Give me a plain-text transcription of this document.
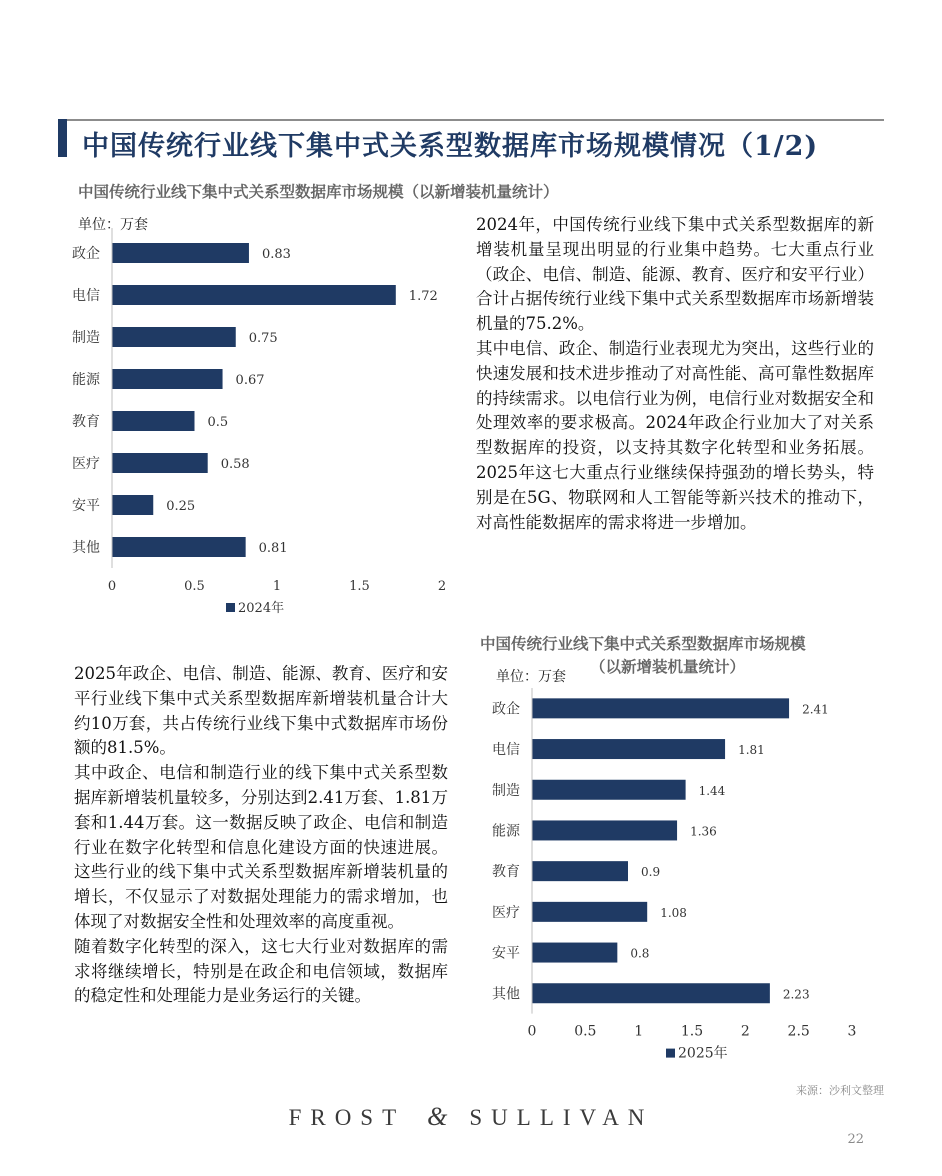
中国传统行业线下集中式关系型数据库市场规模情况（1/2)
中国传统行业线下集中式关系型数据库市场规模（以新增装机量统计）
单位：万套
政企	0.83
电信	1.72
制造	0.75
能源	0.67
教育	0.5
医疗	0.58
安平	0.25
其他	0.81
0	0.5	1	1.5	2
2024年

2024年，中国传统行业线下集中式关系型数据库的新增装机量呈现出明显的行业集中趋势。七大重点行业（政企、电信、制造、能源、教育、医疗和安平行业）合计占据传统行业线下集中式关系型数据库市场新增装机量的75.2%。

其中电信、政企、制造行业表现尤为突出，这些行业的快速发展和技术进步推动了对高性能、高可靠性数据库的持续需求。以电信行业为例，电信行业对数据安全和处理效率的要求极高。2024年政企行业加大了对关系型数据库的投资，以支持其数字化转型和业务拓展。2025年这七大重点行业继续保持强劲的增长势头，特别是在5G、物联网和人工智能等新兴技术的推动下，对高性能数据库的需求将进一步增加。

2025年政企、电信、制造、能源、教育、医疗和安平行业线下集中式关系型数据库新增装机量合计大约10万套，共占传统行业线下集中式数据库市场份额的81.5%。

其中政企、电信和制造行业的线下集中式关系型数据库新增装机量较多，分别达到2.41万套、1.81万套和1.44万套。这一数据反映了政企、电信和制造行业在数字化转型和信息化建设方面的快速进展。这些行业的线下集中式关系型数据库新增装机量的增长，不仅显示了对数据处理能力的需求增加，也体现了对数据安全性和处理效率的高度重视。

随着数字化转型的深入，这七大行业对数据库的需求将继续增长，特别是在政企和电信领域，数据库的稳定性和处理能力是业务运行的关键。

中国传统行业线下集中式关系型数据库市场规模
（以新增装机量统计）
单位：万套
政企	2.41
电信	1.81
制造	1.44
能源	1.36
教育	0.9
医疗	1.08
安平	0.8
其他	2.23
0	0.5	1	1.5	2	2.5	3
2025年
来源：沙利文整理
FROST & SULLIVAN
22
